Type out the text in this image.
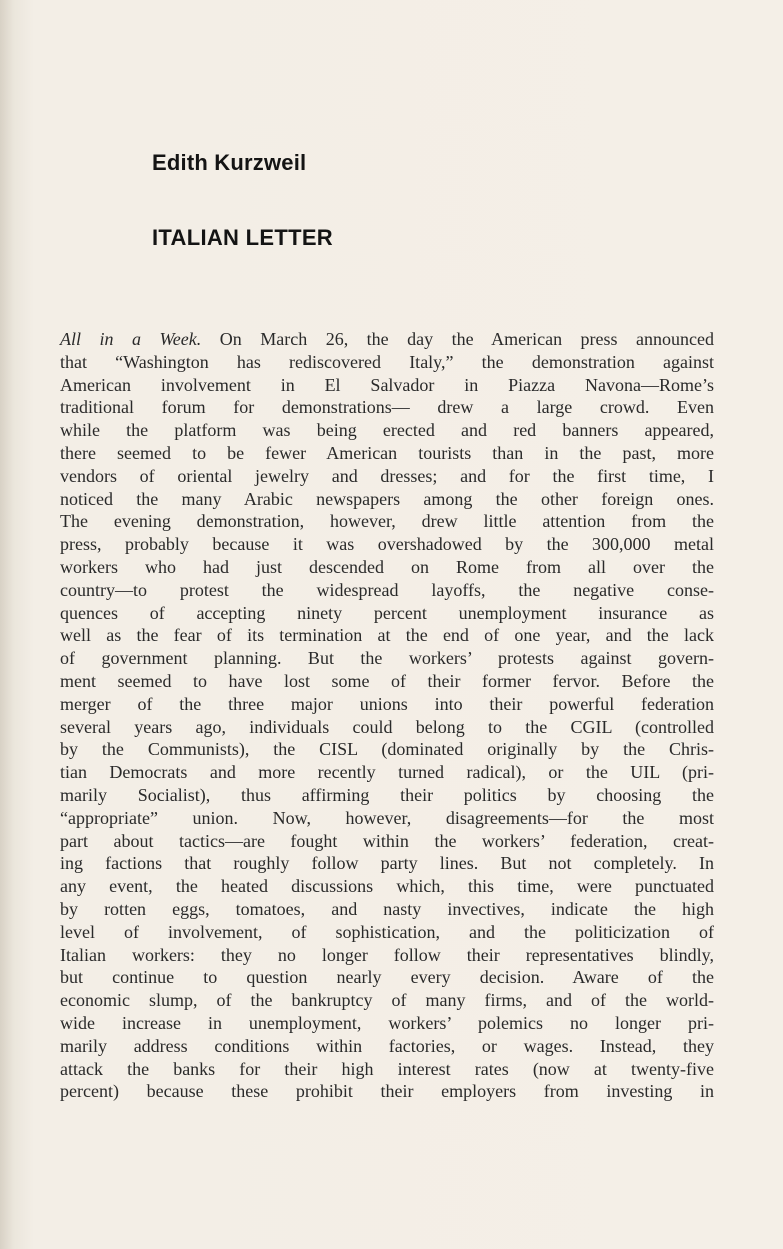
Edith Kurzweil
ITALIAN LETTER
All in a Week. On March 26, the day the American press announced
that “Washington has rediscovered Italy,” the demonstration against
American involvement in El Salvador in Piazza Navona—Rome’s
traditional forum for demonstrations— drew a large crowd. Even
while the platform was being erected and red banners appeared,
there seemed to be fewer American tourists than in the past, more
vendors of oriental jewelry and dresses; and for the first time, I
noticed the many Arabic newspapers among the other foreign ones.
The evening demonstration, however, drew little attention from the
press, probably because it was overshadowed by the 300,000 metal
workers who had just descended on Rome from all over the
country—to protest the widespread layoffs, the negative conse-
quences of accepting ninety percent unemployment insurance as
well as the fear of its termination at the end of one year, and the lack
of government planning. But the workers’ protests against govern-
ment seemed to have lost some of their former fervor. Before the
merger of the three major unions into their powerful federation
several years ago, individuals could belong to the CGIL (controlled
by the Communists), the CISL (dominated originally by the Chris-
tian Democrats and more recently turned radical), or the UIL (pri-
marily Socialist), thus affirming their politics by choosing the
“appropriate” union. Now, however, disagreements—for the most
part about tactics—are fought within the workers’ federation, creat-
ing factions that roughly follow party lines. But not completely. In
any event, the heated discussions which, this time, were punctuated
by rotten eggs, tomatoes, and nasty invectives, indicate the high
level of involvement, of sophistication, and the politicization of
Italian workers: they no longer follow their representatives blindly,
but continue to question nearly every decision. Aware of the
economic slump, of the bankruptcy of many firms, and of the world-
wide increase in unemployment, workers’ polemics no longer pri-
marily address conditions within factories, or wages. Instead, they
attack the banks for their high interest rates (now at twenty-five
percent) because these prohibit their employers from investing in
